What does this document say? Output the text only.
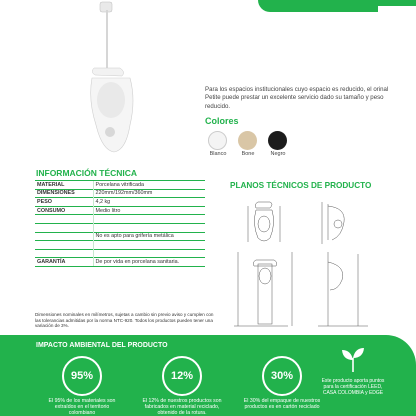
Para los espacios institucionales cuyo espacio es reducido, el orinal Petite puede prestar un excelente servicio dado su tamaño y peso reducido.
Colores
Blanco	Bone	Negro
INFORMACIÓN TÉCNICA
MATERIAL	Porcelana vitrificada
DIMENSIONES	220mm/192mm/360mm
PESO	4,2 kg
CONSUMO	Medio litro

	No es apto para grifería metálica

GARANTÍA	De por vida en porcelana sanitaria.
Dimensiones nominales en milímetros, sujetas a cambio sin previo aviso y cumplen con las tolerancias admitidas por la norma NTC-920. Todos los productos pueden tener una variación de 3%.
PLANOS TÉCNICOS DE PRODUCTO
IMPACTO AMBIENTAL DEL PRODUCTO
95%
El 95% de los materiales son extraídos en el territorio colombiano
12%
El 12% de nuestros productos son fabricados en material reciclado, obtenido de la rotura.
30%
El 30% del empaque de nuestros productos es en cartón reciclado
Este producto aporta puntos para la certificación LEED, CASA COLOMBIA y EDGE
